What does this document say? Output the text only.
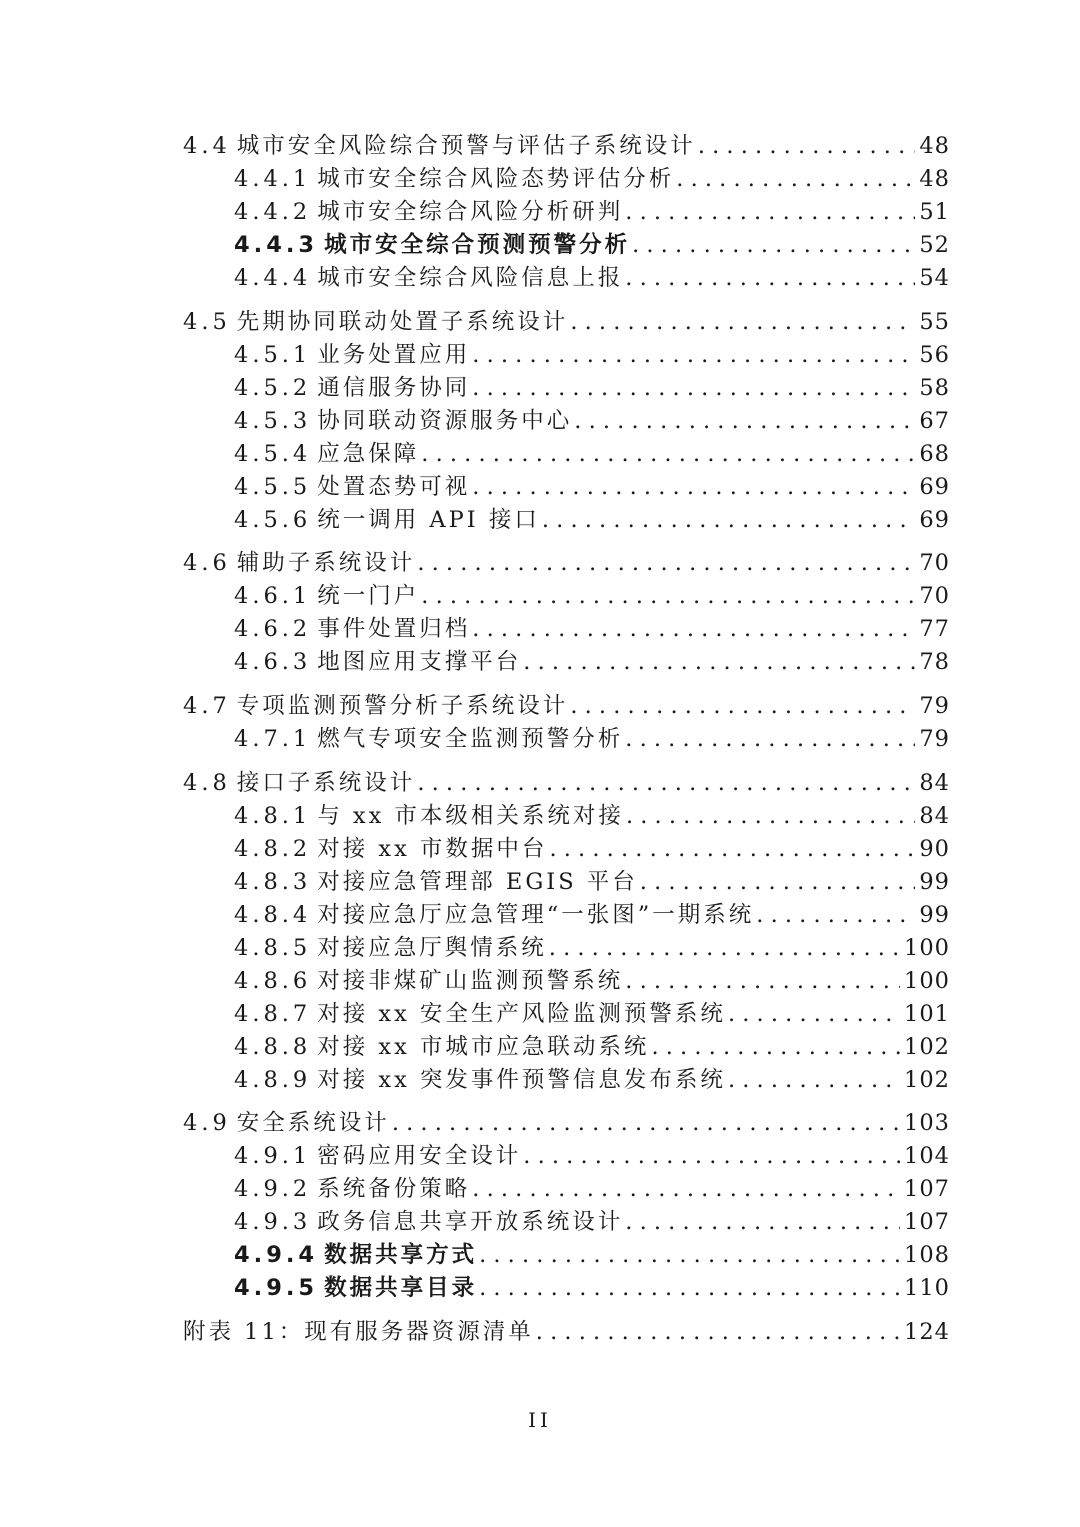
4.4 城市安全风险综合预警与评估子系统设计 . . .	48
4.4.1 城市安全综合风险态势评估分析 . . .	48
4.4.2 城市安全综合风险分析研判 . . .	51
4.4.3 城市安全综合预测预警分析 . . .	52
4.4.4 城市安全综合风险信息上报 . . .	54
4.5 先期协同联动处置子系统设计 . . .	55
4.5.1 业务处置应用 . . .	56
4.5.2 通信服务协同 . . .	58
4.5.3 协同联动资源服务中心 . . .	67
4.5.4 应急保障 . . .	68
4.5.5 处置态势可视 . . .	69
4.5.6 统一调用 API 接口 . . .	69
4.6 辅助子系统设计 . . .	70
4.6.1 统一门户 . . .	70
4.6.2 事件处置归档 . . .	77
4.6.3 地图应用支撑平台 . . .	78
4.7 专项监测预警分析子系统设计 . . .	79
4.7.1 燃气专项安全监测预警分析 . . .	79
4.8 接口子系统设计 . . .	84
4.8.1 与 xx 市本级相关系统对接 . . .	84
4.8.2 对接 xx 市数据中台 . . .	90
4.8.3 对接应急管理部 EGIS 平台 . . .	99
4.8.4 对接应急厅应急管理“一张图”一期系统 . . .	99
4.8.5 对接应急厅舆情系统 . . .	100
4.8.6 对接非煤矿山监测预警系统 . . .	100
4.8.7 对接 xx 安全生产风险监测预警系统 . . .	101
4.8.8 对接 xx 市城市应急联动系统 . . .	102
4.8.9 对接 xx 突发事件预警信息发布系统 . . .	102
4.9 安全系统设计 . . .	103
4.9.1 密码应用安全设计 . . .	104
4.9.2 系统备份策略 . . .	107
4.9.3 政务信息共享开放系统设计 . . .	107
4.9.4 数据共享方式 . . .	108
4.9.5 数据共享目录 . . .	110
附表 11：现有服务器资源清单 . . .	124
II
